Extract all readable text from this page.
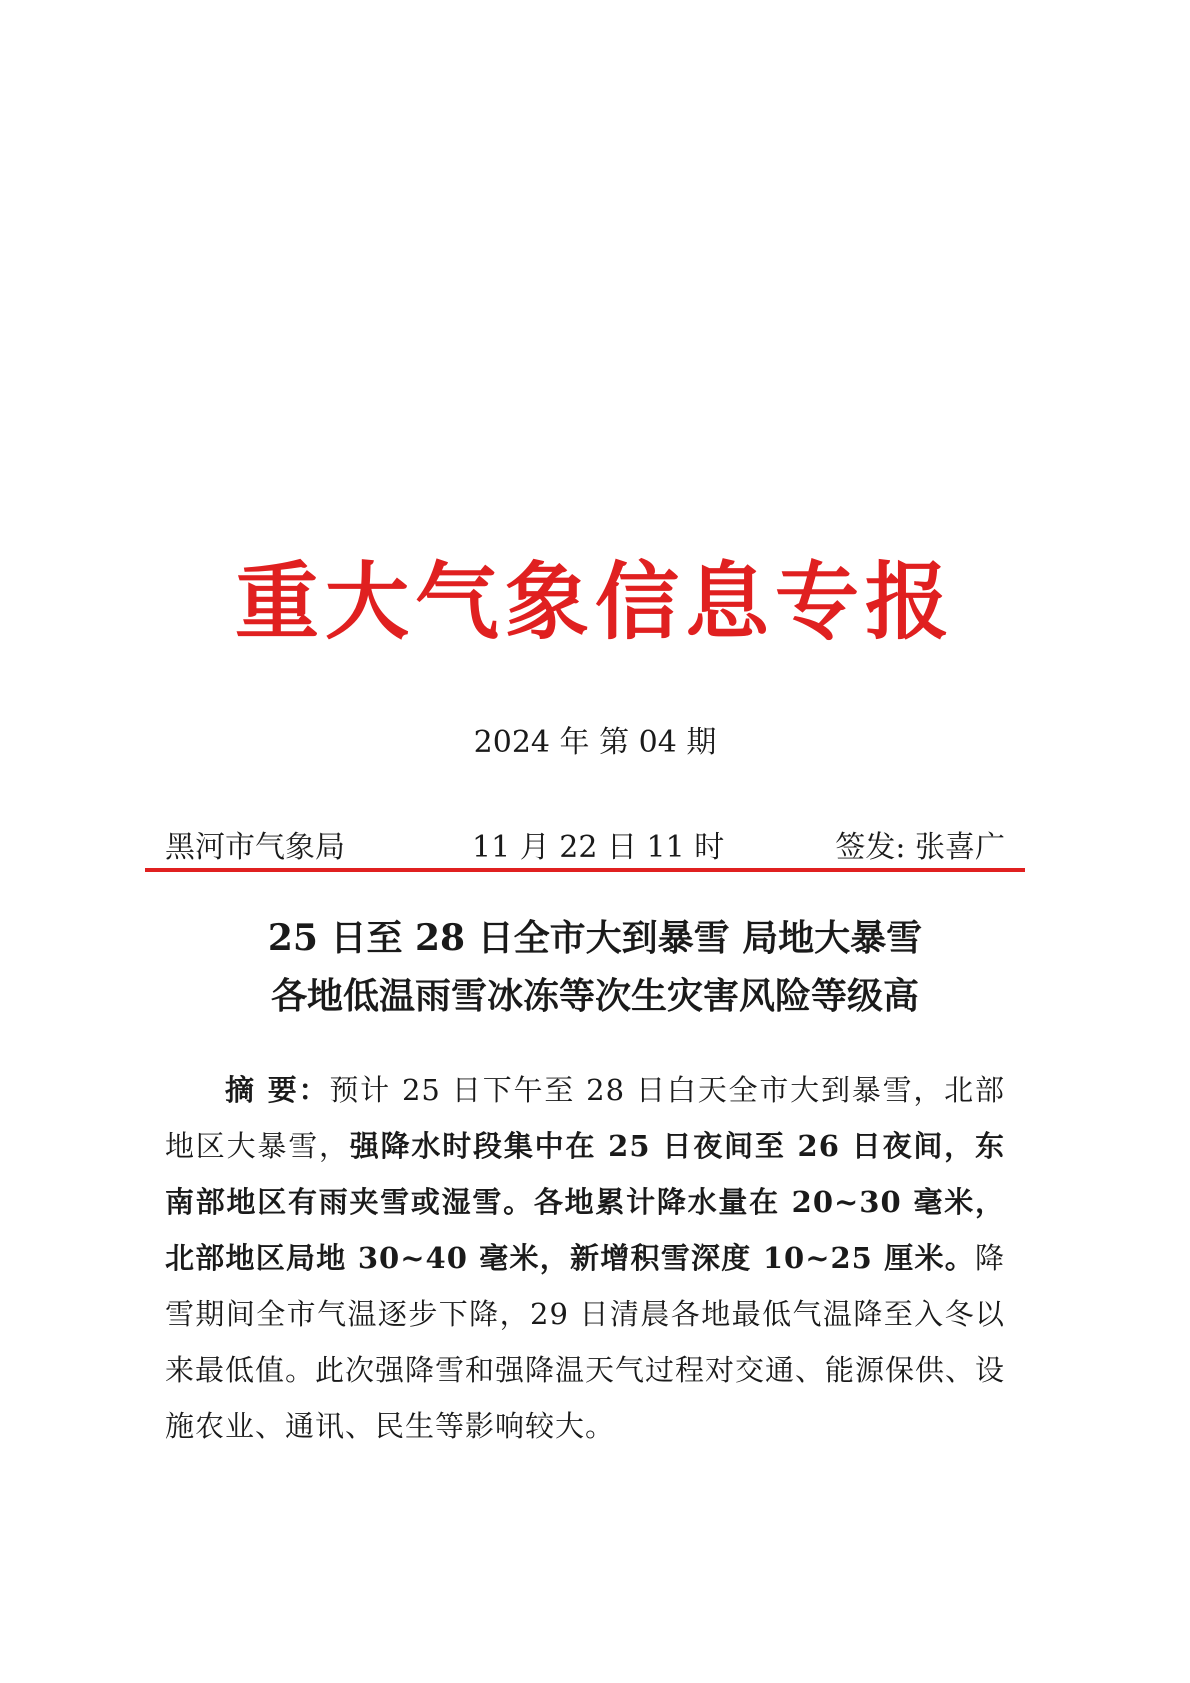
重大气象信息专报
2024 年 第 04 期
黑河市气象局	11 月 22 日 11 时	签发: 张喜广
25 日至 28 日全市大到暴雪 局地大暴雪
各地低温雨雪冰冻等次生灾害风险等级高

摘 要：预计 25 日下午至 28 日白天全市大到暴雪，北部地区大暴雪，强降水时段集中在 25 日夜间至 26 日夜间，东南部地区有雨夹雪或湿雪。各地累计降水量在 20~30 毫米，北部地区局地 30~40 毫米，新增积雪深度 10~25 厘米。降雪期间全市气温逐步下降，29 日清晨各地最低气温降至入冬以来最低值。此次强降雪和强降温天气过程对交通、能源保供、设施农业、通讯、民生等影响较大。
